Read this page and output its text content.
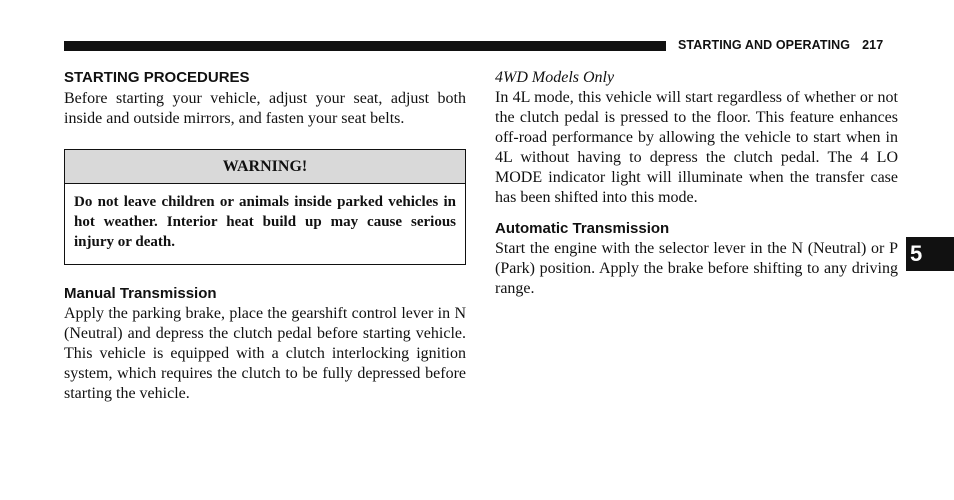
STARTING AND OPERATING 217
STARTING PROCEDURES

Before starting your vehicle, adjust your seat, adjust both inside and outside mirrors, and fasten your seat belts.

WARNING!
Do not leave children or animals inside parked vehicles in hot weather. Interior heat build up may cause serious injury or death.
Manual Transmission

Apply the parking brake, place the gearshift control lever in N (Neutral) and depress the clutch pedal before starting vehicle. This vehicle is equipped with a clutch interlocking ignition system, which requires the clutch to be fully depressed before starting the vehicle.

4WD Models Only

In 4L mode, this vehicle will start regardless of whether or not the clutch pedal is pressed to the floor. This feature enhances off-road performance by allowing the vehicle to start when in 4L without having to depress the clutch pedal. The 4 LO MODE indicator light will illuminate when the transfer case has been shifted into this mode.

Automatic Transmission

Start the engine with the selector lever in the N (Neutral) or P (Park) position. Apply the brake before shifting to any driving range.

5
